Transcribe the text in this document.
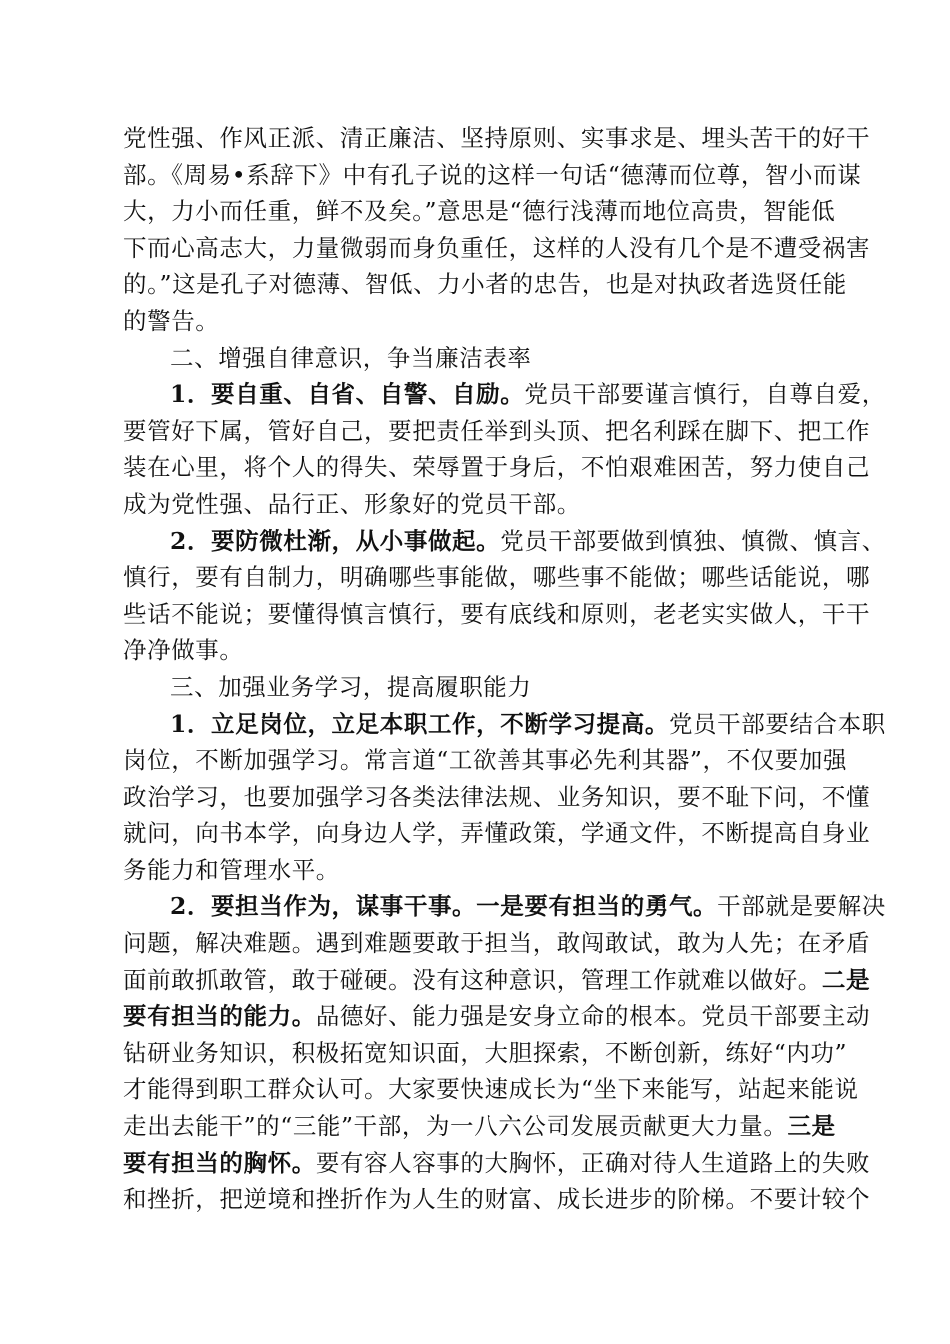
党性强、作风正派、清正廉洁、坚持原则、实事求是、埋头苦干的好干
部。《周易•系辞下》中有孔子说的这样一句话“德薄而位尊，智小而谋
大，力小而任重，鲜不及矣。”意思是“德行浅薄而地位高贵，智能低
下而心高志大，力量微弱而身负重任，这样的人没有几个是不遭受祸害
的。”这是孔子对德薄、智低、力小者的忠告，也是对执政者选贤任能
的警告。
二、增强自律意识，争当廉洁表率
1．要自重、自省、自警、自励。党员干部要谨言慎行，自尊自爱，
要管好下属，管好自己，要把责任举到头顶、把名利踩在脚下、把工作
装在心里，将个人的得失、荣辱置于身后，不怕艰难困苦，努力使自己
成为党性强、品行正、形象好的党员干部。
2．要防微杜渐，从小事做起。党员干部要做到慎独、慎微、慎言、
慎行，要有自制力，明确哪些事能做，哪些事不能做；哪些话能说，哪
些话不能说；要懂得慎言慎行，要有底线和原则，老老实实做人，干干
净净做事。
三、加强业务学习，提高履职能力
1．立足岗位，立足本职工作，不断学习提高。党员干部要结合本职
岗位，不断加强学习。常言道“工欲善其事必先利其器”，不仅要加强
政治学习，也要加强学习各类法律法规、业务知识，要不耻下问，不懂
就问，向书本学，向身边人学，弄懂政策，学通文件，不断提高自身业
务能力和管理水平。
2．要担当作为，谋事干事。一是要有担当的勇气。干部就是要解决
问题，解决难题。遇到难题要敢于担当，敢闯敢试，敢为人先；在矛盾
面前敢抓敢管，敢于碰硬。没有这种意识，管理工作就难以做好。二是
要有担当的能力。品德好、能力强是安身立命的根本。党员干部要主动
钻研业务知识，积极拓宽知识面，大胆探索，不断创新，练好“内功”
才能得到职工群众认可。大家要快速成长为“坐下来能写，站起来能说
走出去能干”的“三能”干部，为一八六公司发展贡献更大力量。三是
要有担当的胸怀。要有容人容事的大胸怀，正确对待人生道路上的失败
和挫折，把逆境和挫折作为人生的财富、成长进步的阶梯。不要计较个
